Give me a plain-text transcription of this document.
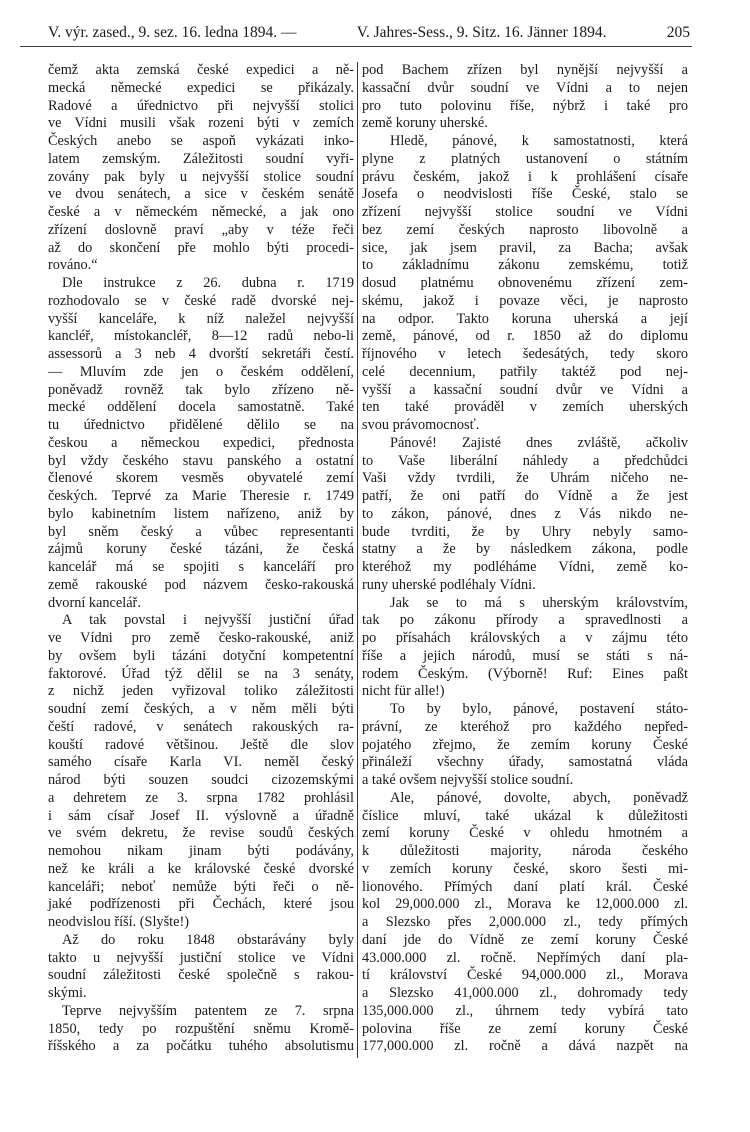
V. výr. zased., 9. sez. 16. ledna 1894. —	V. Jahres-Sess., 9. Sitz. 16. Jänner 1894.	205
čemž akta zemská české expedici a ně-
mecká německé expedici se přikázaly.
Radové a úřednictvo při nejvyšší stolici
ve Vídni musili však rozeni býti v zemích
Českých anebo se aspoň vykázati inko-
latem zemským. Záležitosti soudní vyři-
zovány pak byly u nejvyšší stolice soudní
ve dvou senátech, a sice v českém senátě
české a v německém německé, a jak ono
zřízení doslovně praví „aby v téže řeči
až do skončení pře mohlo býti procedi-
rováno.“
Dle instrukce z 26. dubna r. 1719
rozhodovalo se v české radě dvorské nej-
vyšší kanceláře, k níž naležel nejvyšší
kancléř, místokancléř, 8—12 radů nebo-li
assessorů a 3 neb 4 dvorští sekretáři čestí.
— Mluvím zde jen o českém oddělení,
poněvadž rovněž tak bylo zřízeno ně-
mecké oddělení docela samostatně. Také
tu úřednictvo přidělené dělilo se na
českou a německou expedici, přednosta
byl vždy českého stavu panského a ostatní
členové skorem vesměs obyvatelé zemí
českých. Teprvé za Marie Theresie r. 1749
bylo kabinetním listem nařízeno, aniž by
byl sněm český a vůbec representanti
zájmů koruny české tázáni, že česká
kancelář má se spojiti s kanceláří pro
země rakouské pod názvem česko-rakouská
dvorní kancelář.
A tak povstal i nejvyšší justiční úřad
ve Vídni pro země česko-rakouské, aniž
by ovšem byli tázáni dotyční kompetentní
faktorové. Úřad týž dělil se na 3 senáty,
z nichž jeden vyřizoval toliko záležitosti
soudní zemí českých, a v něm měli býti
čeští radové, v senátech rakouských ra-
kouští radové většinou. Ještě dle slov
samého císaře Karla VI. neměl český
národ býti souzen soudci cizozemskými
a dehretem ze 3. srpna 1782 prohlásil
i sám císař Josef II. výslovně a úřadně
ve svém dekretu, že revise soudů českých
nemohou nikam jinam býti podávány,
než ke králi a ke královské české dvorské
kanceláři; neboť nemůže býti řeči o ně-
jaké podřízenosti při Čechách, které jsou
neodvislou říší. (Slyšte!)
Až do roku 1848 obstarávány byly
takto u nejvyšší justiční stolice ve Vídni
soudní záležitosti české společně s rakou-
skými.
Teprve nejvyšším patentem ze 7. srpna
1850, tedy po rozpuštění sněmu Kromě-
říšského a za počátku tuhého absolutismu
pod Bachem zřízen byl nynější nejvyšší a
kassační dvůr soudní ve Vídni a to nejen
pro tuto polovinu říše, nýbrž i také pro
země koruny uherské.
Hledě, pánové, k samostatnosti, která
plyne z platných ustanovení o státním
právu českém, jakož i k prohlášení císaře
Josefa o neodvislosti říše České, stalo se
zřízení nejvyšší stolice soudní ve Vídni
bez zemí českých naprosto libovolně a
sice, jak jsem pravil, za Bacha; avšak
to základnímu zákonu zemskému, totiž
dosud platnému obnovenému zřízení zem-
skému, jakož i povaze věci, je naprosto
na odpor. Takto koruna uherská a její
země, pánové, od r. 1850 až do diplomu
říjnového v letech šedesátých, tedy skoro
celé decennium, patřily taktéž pod nej-
vyšší a kassační soudní dvůr ve Vídni a
ten také prováděl v zemích uherských
svou právomocnosť.
Pánové! Zajisté dnes zvláště, ačkoliv
to Vaše liberální náhledy a předchůdci
Vaši vždy tvrdili, že Uhrám ničeho ne-
patří, že oni patří do Vídně a že jest
to zákon, pánové, dnes z Vás nikdo ne-
bude tvrditi, že by Uhry nebyly samo-
statny a že by následkem zákona, podle
kteréhož my podléháme Vídni, země ko-
runy uherské podléhaly Vídni.
Jak se to má s uherským královstvím,
tak po zákonu přírody a spravedlnosti a
po přísahách královských a v zájmu této
říše a jejich národů, musí se státi s ná-
rodem Českým. (Výborně! Ruf: Eines paßt
nicht für alle!)
To by bylo, pánové, postavení státo-
právní, ze kteréhož pro každého nepřed-
pojatého zřejmo, že zemím koruny České
přináleží všechny úřady, samostatná vláda
a také ovšem nejvyšší stolice soudní.
Ale, pánové, dovolte, abych, poněvadž
číslice mluví, také ukázal k důležitosti
zemí koruny České v ohledu hmotném a
k důležitosti majority, národa českého
v zemích koruny české, skoro šesti mi-
lionového. Přímých daní platí král. České
kol 29,000.000 zl., Morava ke 12,000.000 zl.
a Slezsko přes 2,000.000 zl., tedy přímých
daní jde do Vídně ze zemí koruny České
43.000.000 zl. ročně. Nepřímých daní pla-
tí království České 94,000.000 zl., Morava
a Slezsko 41,000.000 zl., dohromady tedy
135,000.000 zl., úhrnem tedy vybírá tato
polovina říše ze zemí koruny České
177,000.000 zl. ročně a dává nazpět na
